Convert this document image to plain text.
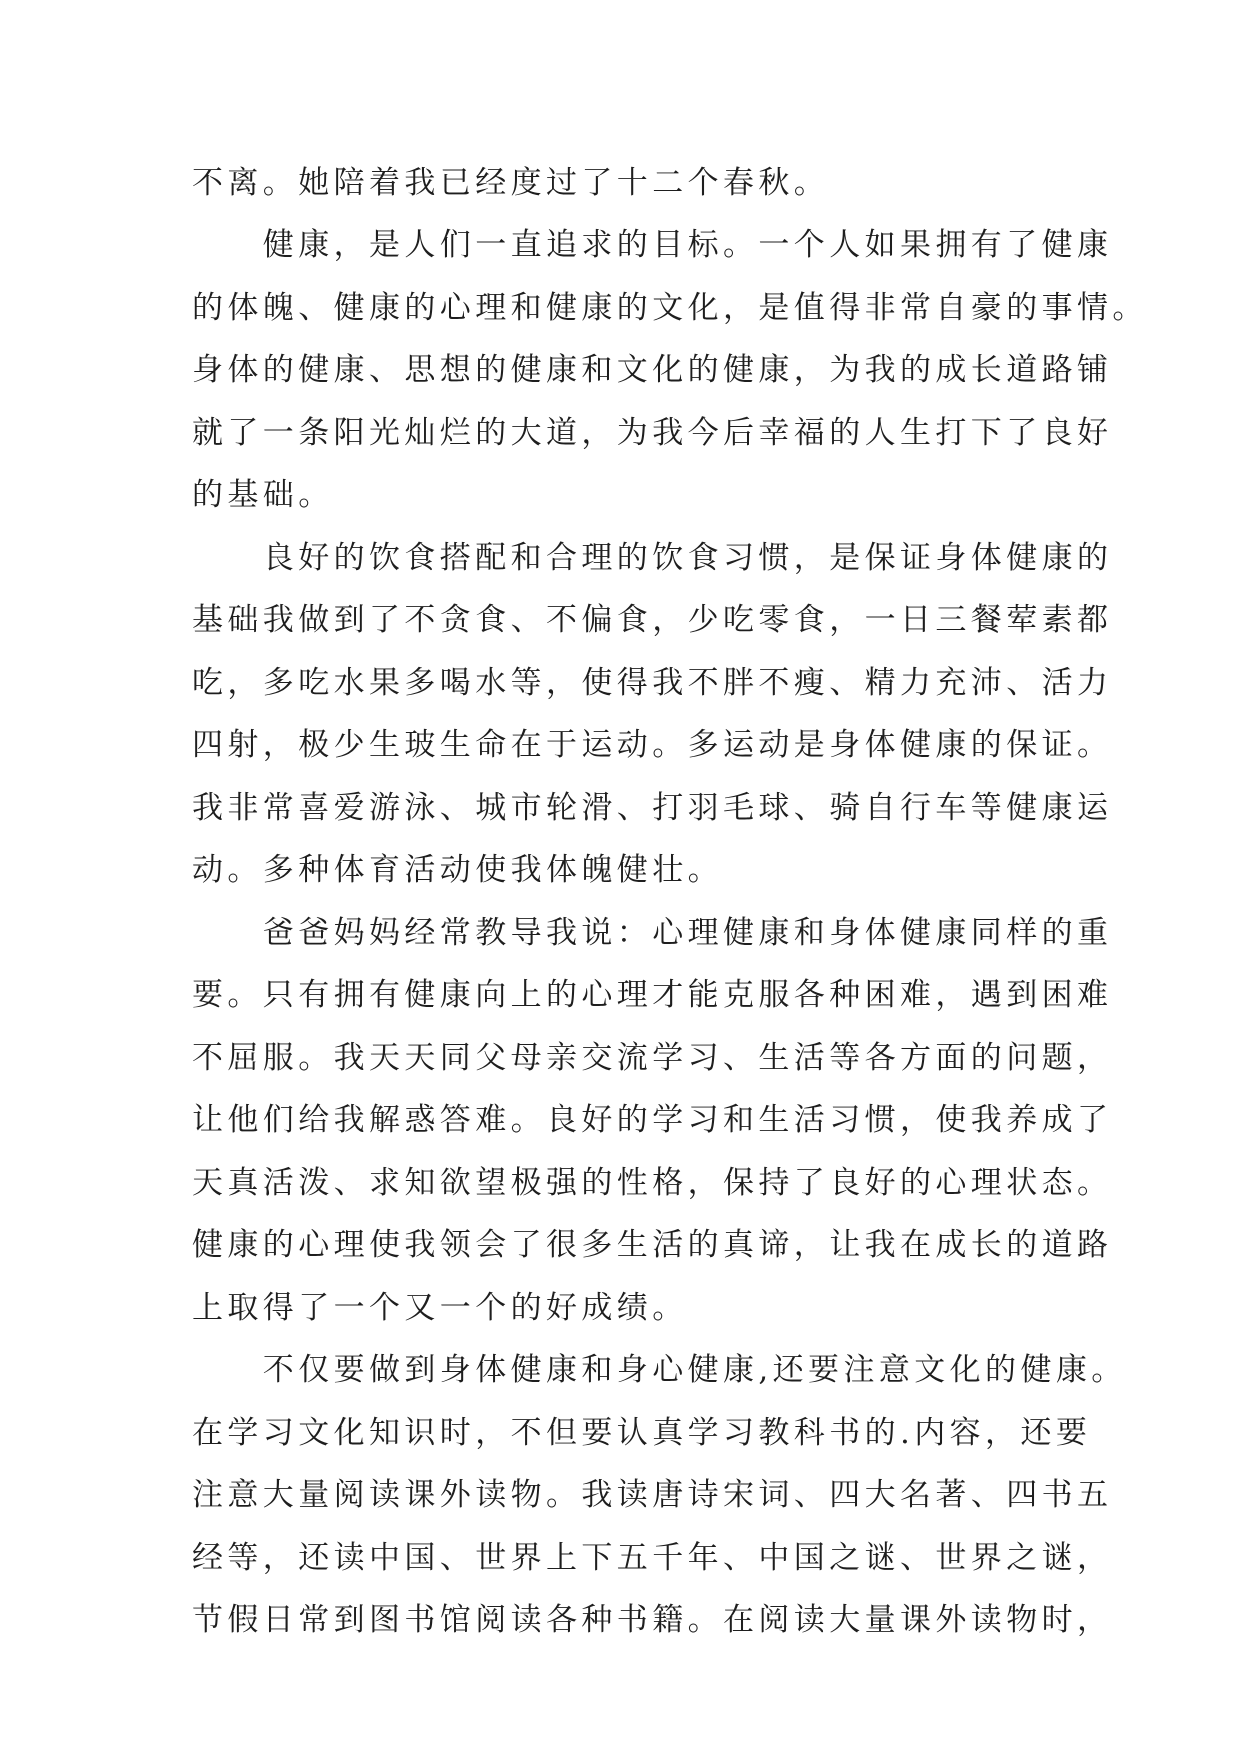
不离。她陪着我已经度过了十二个春秋。
　　健康，是人们一直追求的目标。一个人如果拥有了健康
的体魄、健康的心理和健康的文化，是值得非常自豪的事情。
身体的健康、思想的健康和文化的健康，为我的成长道路铺
就了一条阳光灿烂的大道，为我今后幸福的人生打下了良好
的基础。
　　良好的饮食搭配和合理的饮食习惯，是保证身体健康的
基础我做到了不贪食、不偏食，少吃零食，一日三餐荤素都
吃，多吃水果多喝水等，使得我不胖不瘦、精力充沛、活力
四射，极少生玻生命在于运动。多运动是身体健康的保证。
我非常喜爱游泳、城市轮滑、打羽毛球、骑自行车等健康运
动。多种体育活动使我体魄健壮。
　　爸爸妈妈经常教导我说：心理健康和身体健康同样的重
要。只有拥有健康向上的心理才能克服各种困难，遇到困难
不屈服。我天天同父母亲交流学习、生活等各方面的问题，
让他们给我解惑答难。良好的学习和生活习惯，使我养成了
天真活泼、求知欲望极强的性格，保持了良好的心理状态。
健康的心理使我领会了很多生活的真谛，让我在成长的道路
上取得了一个又一个的好成绩。
　　不仅要做到身体健康和身心健康,还要注意文化的健康。
在学习文化知识时，不但要认真学习教科书的.内容，还要
注意大量阅读课外读物。我读唐诗宋词、四大名著、四书五
经等，还读中国、世界上下五千年、中国之谜、世界之谜，
节假日常到图书馆阅读各种书籍。在阅读大量课外读物时，
